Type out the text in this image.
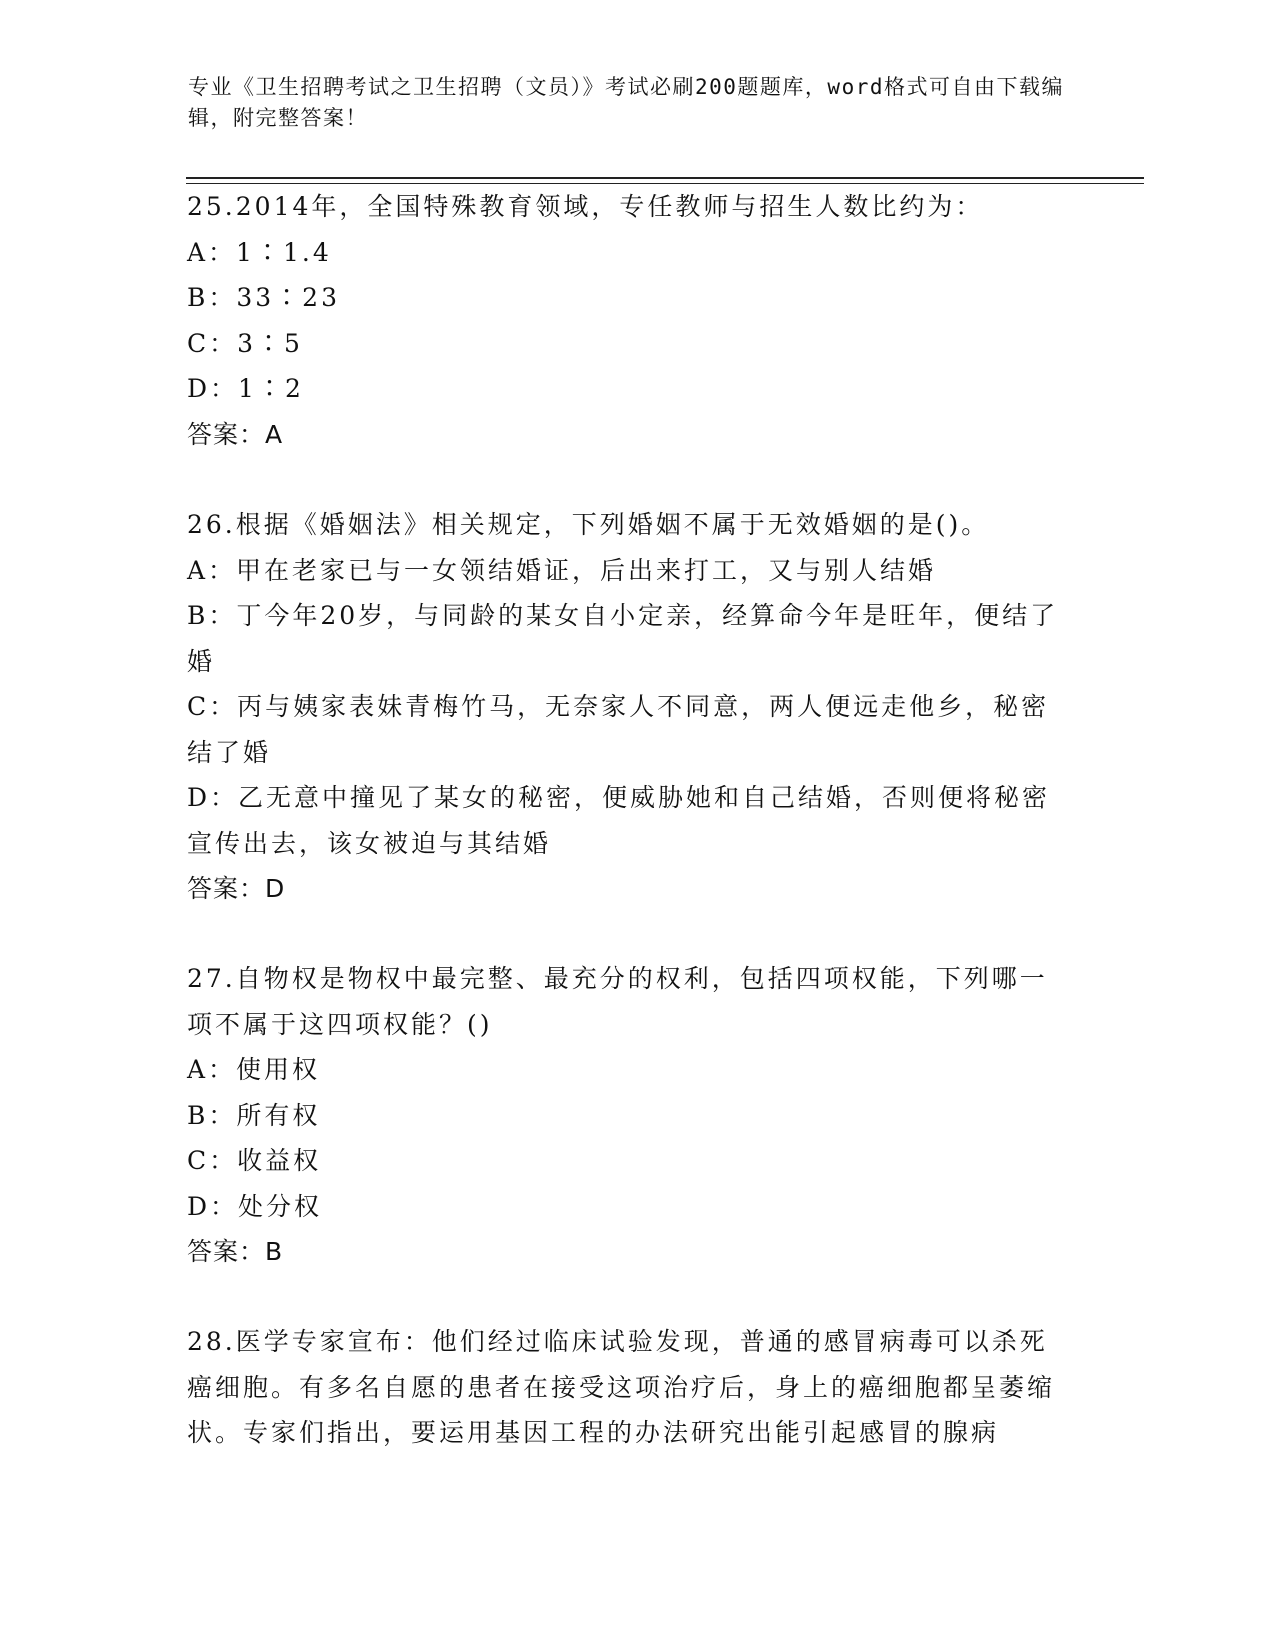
专业《卫生招聘考试之卫生招聘（文员）》考试必刷200题题库，word格式可自由下载编辑，附完整答案！

25.2014年，全国特殊教育领域，专任教师与招生人数比约为：

A：1∶1.4

B：33∶23

C：3∶5

D：1∶2

答案：A

26.根据《婚姻法》相关规定，下列婚姻不属于无效婚姻的是()。

A：甲在老家已与一女领结婚证，后出来打工，又与别人结婚

B：丁今年20岁，与同龄的某女自小定亲，经算命今年是旺年，便结了婚

C：丙与姨家表妹青梅竹马，无奈家人不同意，两人便远走他乡，秘密结了婚

D：乙无意中撞见了某女的秘密，便威胁她和自己结婚，否则便将秘密宣传出去，该女被迫与其结婚

答案：D

27.自物权是物权中最完整、最充分的权利，包括四项权能，下列哪一项不属于这四项权能？()

A：使用权

B：所有权

C：收益权

D：处分权

答案：B

28.医学专家宣布：他们经过临床试验发现，普通的感冒病毒可以杀死癌细胞。有多名自愿的患者在接受这项治疗后，身上的癌细胞都呈萎缩状。专家们指出，要运用基因工程的办法研究出能引起感冒的腺病
